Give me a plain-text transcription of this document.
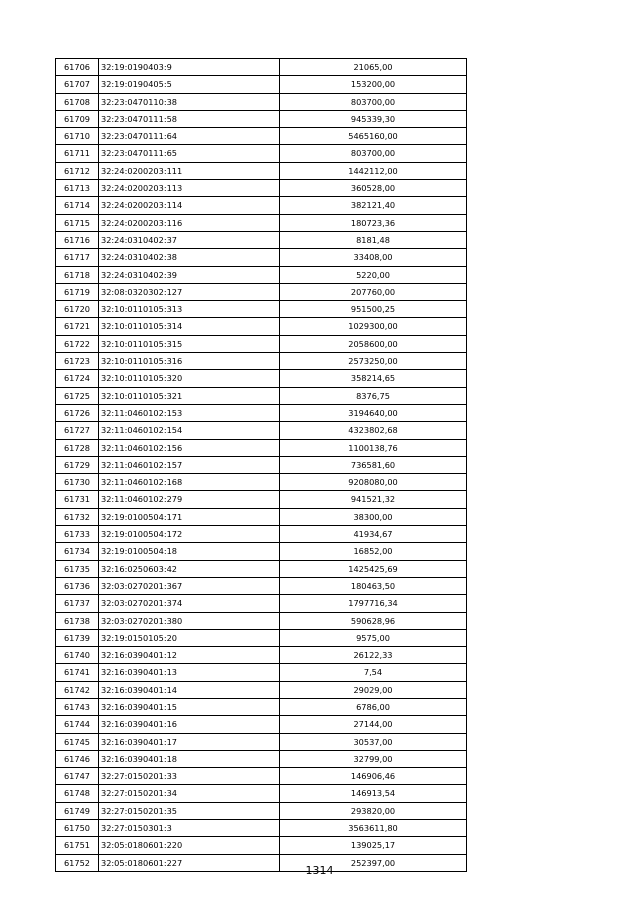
61706	32:19:0190403:9	21065,00
61707	32:19:0190405:5	153200,00
61708	32:23:0470110:38	803700,00
61709	32:23:0470111:58	945339,30
61710	32:23:0470111:64	5465160,00
61711	32:23:0470111:65	803700,00
61712	32:24:0200203:111	1442112,00
61713	32:24:0200203:113	360528,00
61714	32:24:0200203:114	382121,40
61715	32:24:0200203:116	180723,36
61716	32:24:0310402:37	8181,48
61717	32:24:0310402:38	33408,00
61718	32:24:0310402:39	5220,00
61719	32:08:0320302:127	207760,00
61720	32:10:0110105:313	951500,25
61721	32:10:0110105:314	1029300,00
61722	32:10:0110105:315	2058600,00
61723	32:10:0110105:316	2573250,00
61724	32:10:0110105:320	358214,65
61725	32:10:0110105:321	8376,75
61726	32:11:0460102:153	3194640,00
61727	32:11:0460102:154	4323802,68
61728	32:11:0460102:156	1100138,76
61729	32:11:0460102:157	736581,60
61730	32:11:0460102:168	9208080,00
61731	32:11:0460102:279	941521,32
61732	32:19:0100504:171	38300,00
61733	32:19:0100504:172	41934,67
61734	32:19:0100504:18	16852,00
61735	32:16:0250603:42	1425425,69
61736	32:03:0270201:367	180463,50
61737	32:03:0270201:374	1797716,34
61738	32:03:0270201:380	590628,96
61739	32:19:0150105:20	9575,00
61740	32:16:0390401:12	26122,33
61741	32:16:0390401:13	7,54
61742	32:16:0390401:14	29029,00
61743	32:16:0390401:15	6786,00
61744	32:16:0390401:16	27144,00
61745	32:16:0390401:17	30537,00
61746	32:16:0390401:18	32799,00
61747	32:27:0150201:33	146906,46
61748	32:27:0150201:34	146913,54
61749	32:27:0150201:35	293820,00
61750	32:27:0150301:3	3563611,80
61751	32:05:0180601:220	139025,17
61752	32:05:0180601:227	252397,00
1314
